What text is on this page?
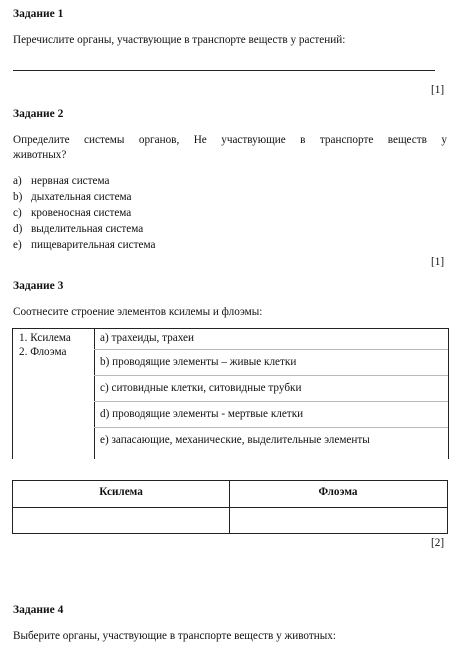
Задание 1
Перечислите органы, участвующие в транспорте веществ у растений:
[1]
Задание 2
Определите системы органов, Не участвующие в транспорте веществ у
животных?
a) нервная система
b) дыхательная система
c) кровеносная система
d) выделительная система
e) пищеварительная система
[1]
Задание 3
Соотнесите строение элементов ксилемы и флоэмы:
1. Ксилема
2. Флоэма
a) трахеиды, трахеи
b) проводящие элементы – живые клетки
c) ситовидные клетки, ситовидные трубки
d) проводящие элементы - мертвые клетки
e) запасающие, механические, выделительные элементы
Ксилема	Флоэма
[2]
Задание 4
Выберите органы, участвующие в транспорте веществ у животных:
